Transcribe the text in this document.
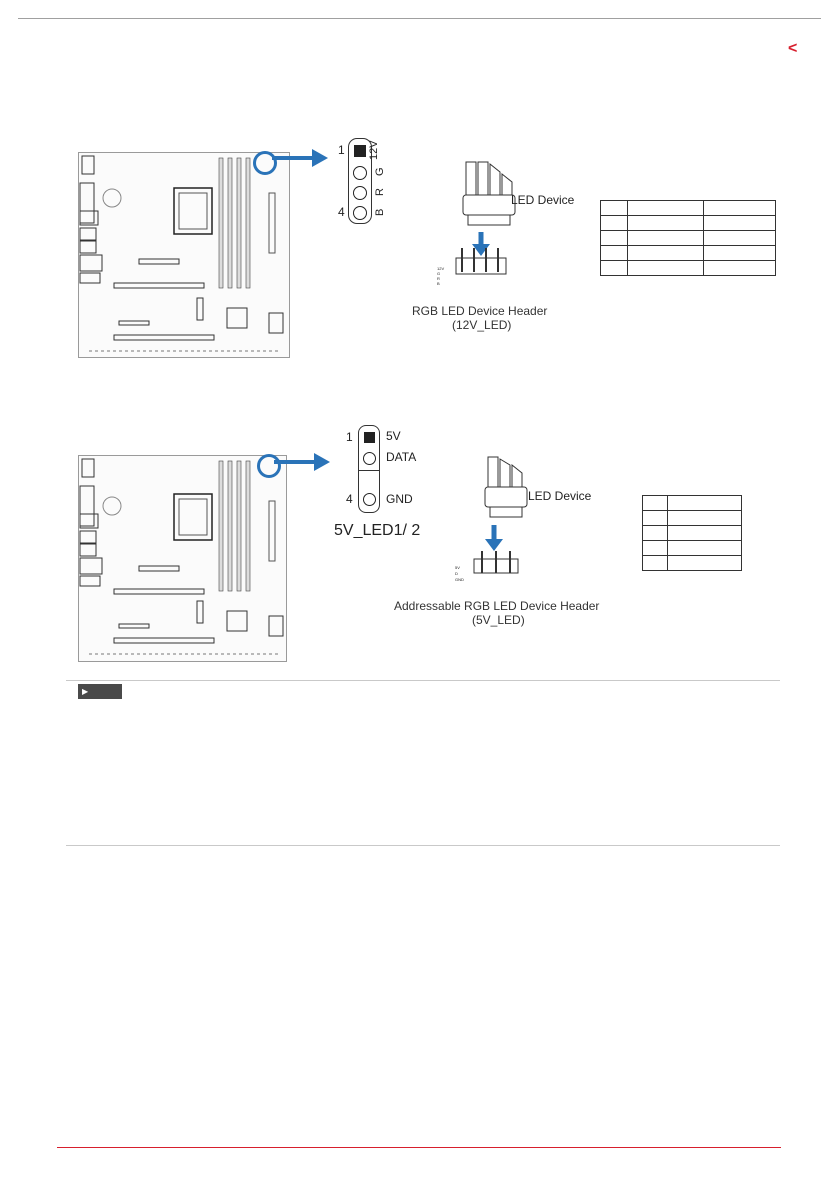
<
1
4
12V
G
R
B
12V
G
R
B
LED Device
RGB LED Device Header
(12V_LED)

1
4
5V
DATA
GND
5V_LED1/ 2
5V
D
GND
LED Device
Addressable RGB LED Device Header
(5V_LED)

▶
